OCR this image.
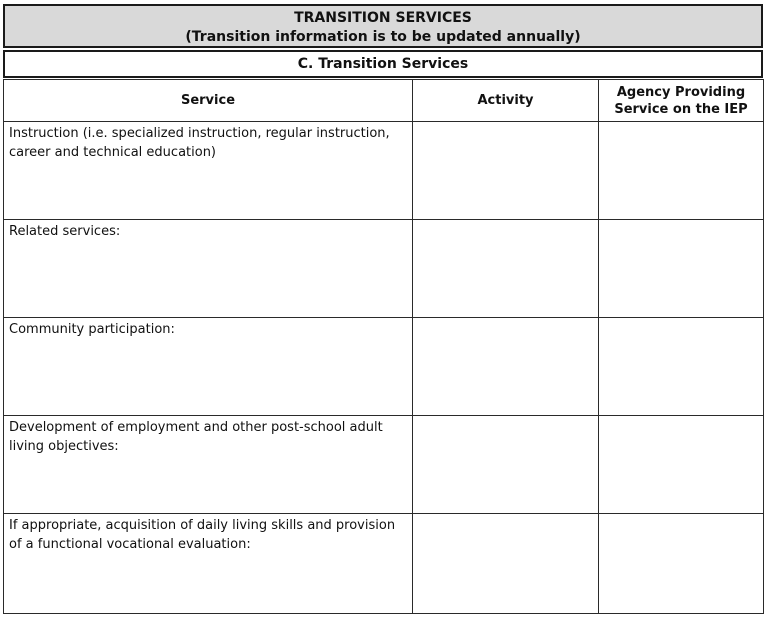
TRANSITION SERVICES
(Transition information is to be updated annually)
C. Transition Services
Service	Activity	Agency Providing Service on the IEP
Instruction (i.e. specialized instruction, regular instruction, career and technical education)		
Related services:		
Community participation:		
Development of employment and other post-school adult living objectives:		
If appropriate, acquisition of daily living skills and provision of a functional vocational evaluation:		
